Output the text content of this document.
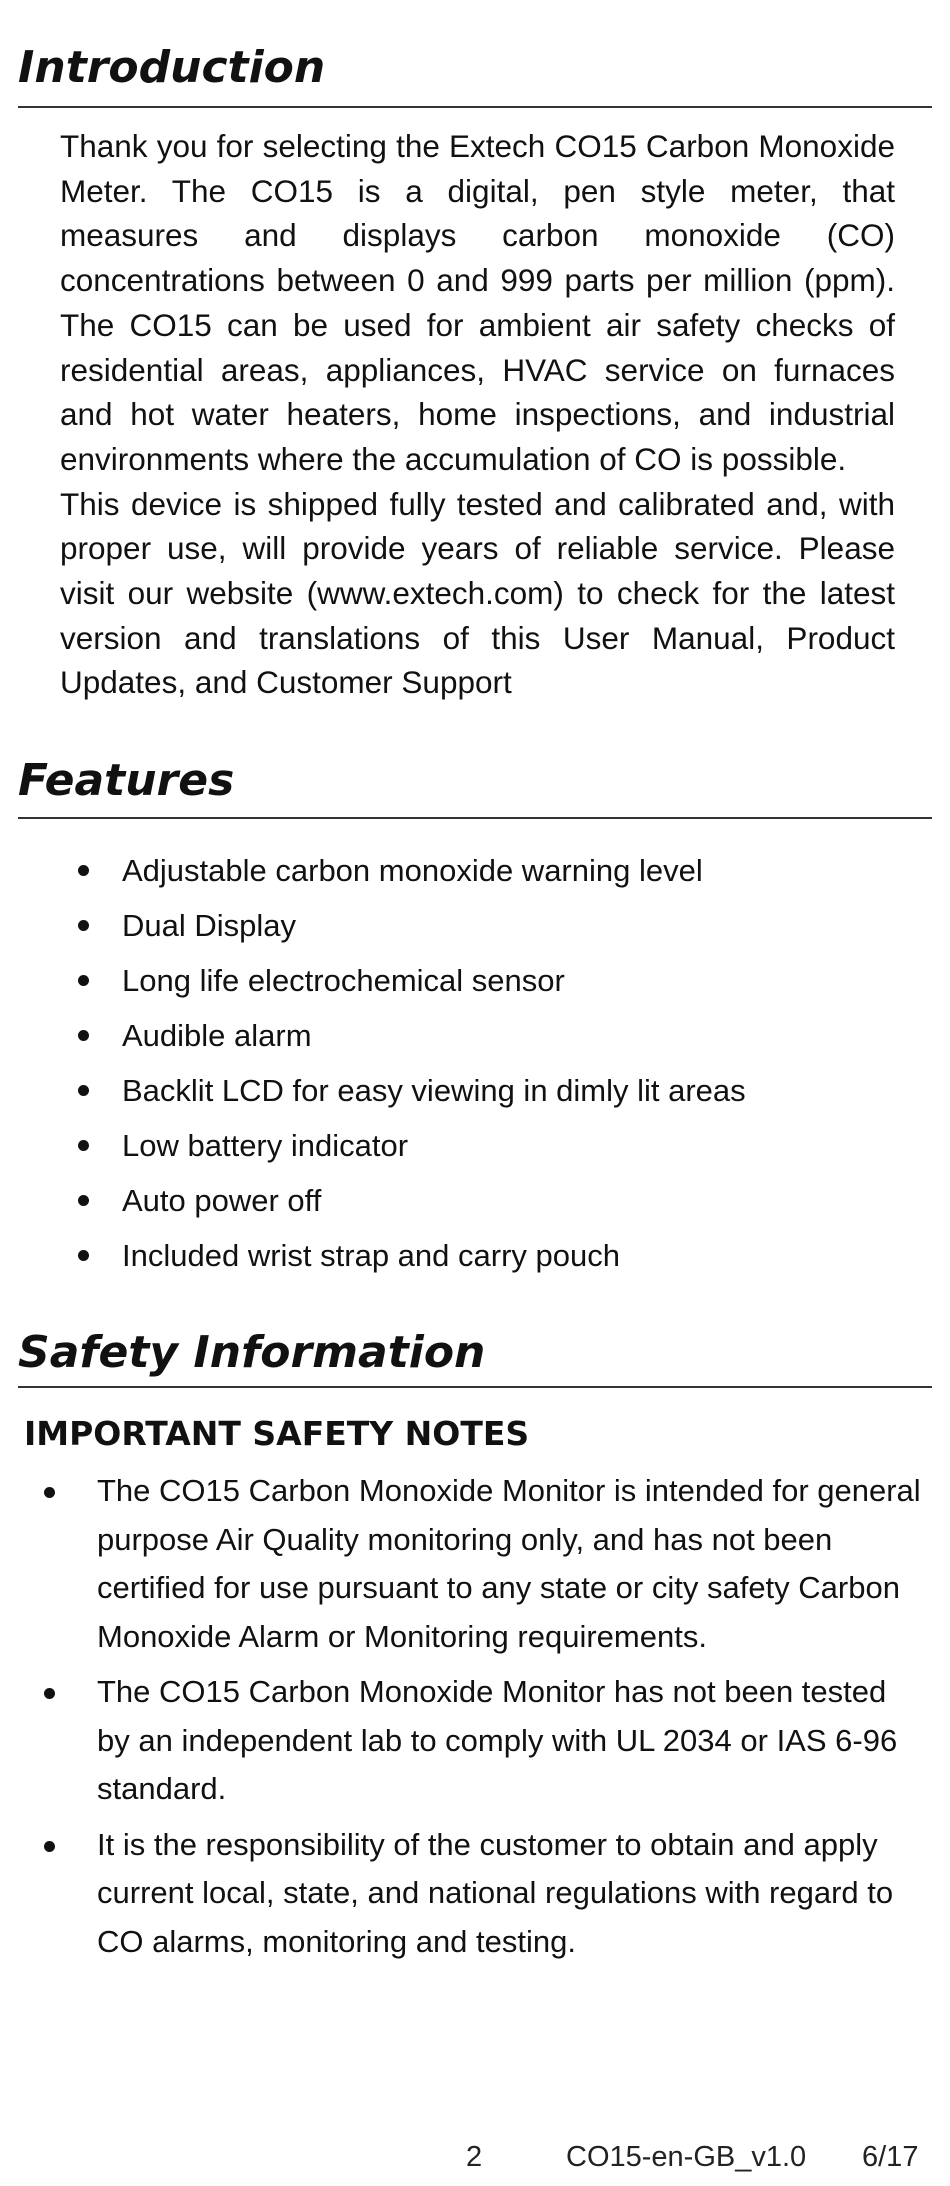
Introduction

Thank you for selecting the Extech CO15 Carbon Monoxide Meter. The CO15 is a digital, pen style meter, that measures and displays carbon monoxide (CO) concentrations between 0 and 999 parts per million (ppm). The CO15 can be used for ambient air safety checks of residential areas, appliances, HVAC service on furnaces and hot water heaters, home inspections, and industrial environments where the accumulation of CO is possible.

This device is shipped fully tested and calibrated and, with proper use, will provide years of reliable service. Please visit our website (www.extech.com) to check for the latest version and translations of this User Manual, Product Updates, and Customer Support

Features
Adjustable carbon monoxide warning level
Dual Display
Long life electrochemical sensor
Audible alarm
Backlit LCD for easy viewing in dimly lit areas
Low battery indicator
Auto power off
Included wrist strap and carry pouch
Safety Information
IMPORTANT SAFETY NOTES
The CO15 Carbon Monoxide Monitor is intended for general purpose Air Quality monitoring only, and has not been certified for use pursuant to any state or city safety Carbon Monoxide Alarm or Monitoring requirements.
The CO15 Carbon Monoxide Monitor has not been tested by an independent lab to comply with UL 2034 or IAS 6-96 standard.
It is the responsibility of the customer to obtain and apply current local, state, and national regulations with regard to CO alarms, monitoring and testing.
2	CO15-en-GB_v1.0 6/17
